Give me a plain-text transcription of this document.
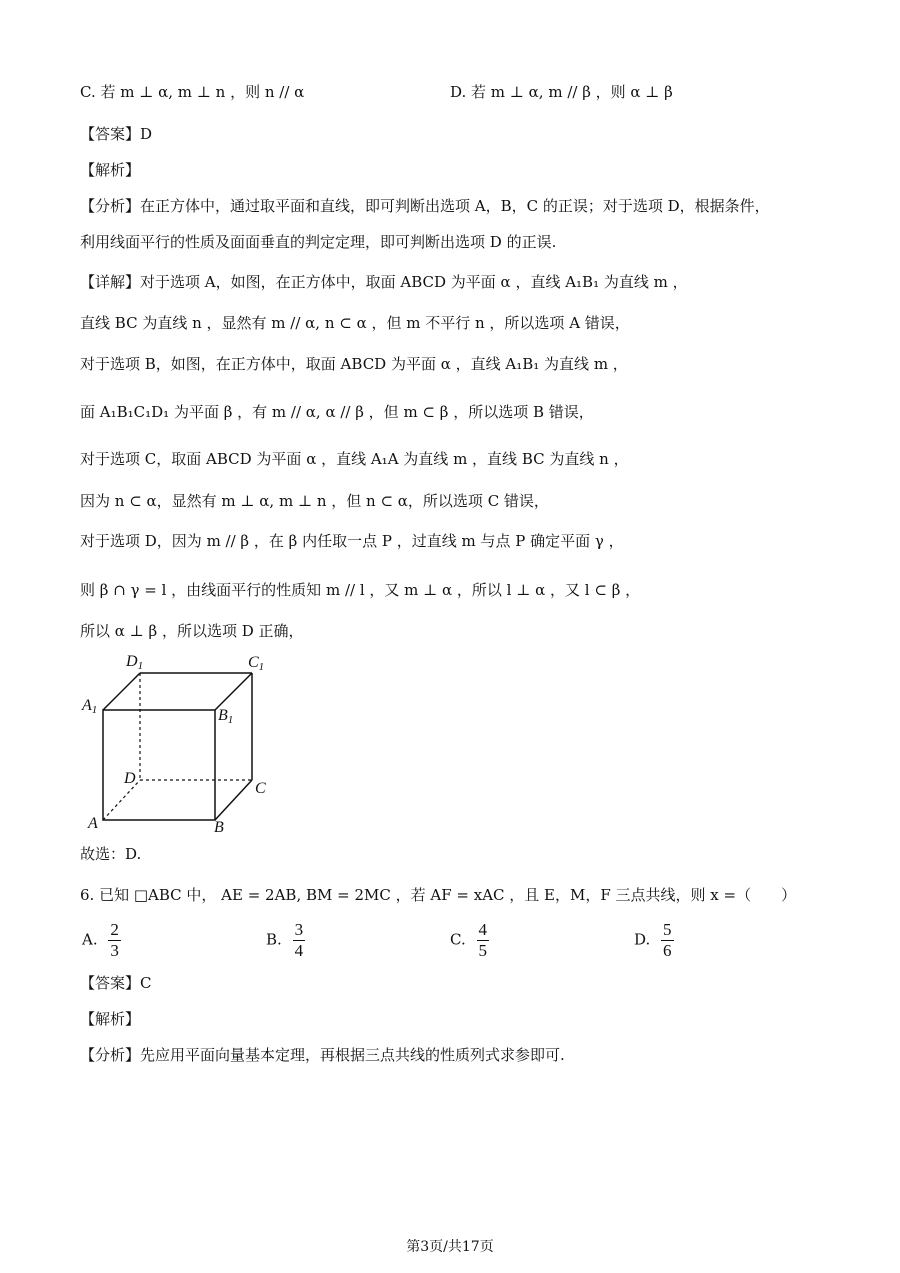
C. 若 m ⊥ α, m ⊥ n ，则 n // α	D. 若 m ⊥ α, m // β ，则 α ⊥ β
【答案】D
【解析】
【分析】在正方体中，通过取平面和直线，即可判断出选项 A，B，C 的正误；对于选项 D，根据条件，
利用线面平行的性质及面面垂直的判定定理，即可判断出选项 D 的正误.
【详解】对于选项 A，如图，在正方体中，取面 ABCD 为平面 α ，直线 A₁B₁ 为直线 m ，
直线 BC 为直线 n ，显然有 m // α, n ⊂ α ，但 m 不平行 n ，所以选项 A 错误，
对于选项 B，如图，在正方体中，取面 ABCD 为平面 α ，直线 A₁B₁ 为直线 m ，
面 A₁B₁C₁D₁ 为平面 β ，有 m // α, α // β ，但 m ⊂ β ，所以选项 B 错误，
对于选项 C，取面 ABCD 为平面 α ，直线 A₁A 为直线 m ，直线 BC 为直线 n ，
因为 n ⊂ α，显然有 m ⊥ α, m ⊥ n ，但 n ⊂ α，所以选项 C 错误，
对于选项 D，因为 m // β ，在 β 内任取一点 P ，过直线 m 与点 P 确定平面 γ ，
则 β ∩ γ = l ，由线面平行的性质知 m // l ，又 m ⊥ α ，所以 l ⊥ α ，又 l ⊂ β ，
所以 α ⊥ β ，所以选项 D 正确，
D1	C1
A1	B1
D
C
A	B
故选：D.
6. 已知 □ABC 中， AE = 2AB, BM = 2MC ，若 AF = xAC ，且 E，M，F 三点共线，则 x =（　　）
A. $\frac{2}{3}$	B. $\frac{3}{4}$	C. $\frac{4}{5}$	D. $\frac{5}{6}$
【答案】C
【解析】
【分析】先应用平面向量基本定理，再根据三点共线的性质列式求参即可.
第3页/共17页
